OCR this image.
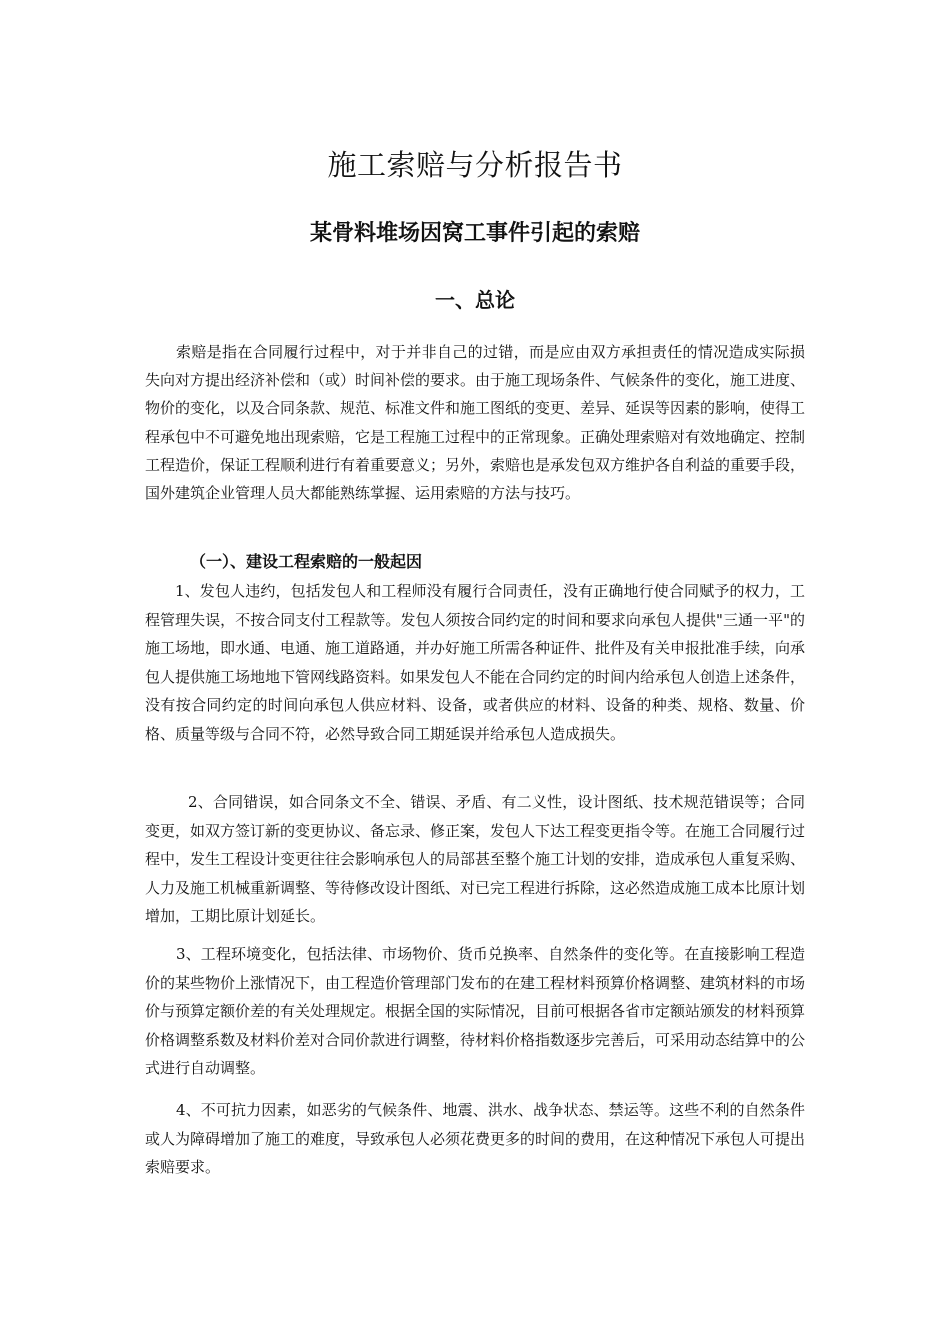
施工索赔与分析报告书
某骨料堆场因窝工事件引起的索赔
一、总论

索赔是指在合同履行过程中，对于并非自己的过错，而是应由双方承担责任的情况造成实际损失向对方提出经济补偿和（或）时间补偿的要求。由于施工现场条件、气候条件的变化，施工进度、物价的变化，以及合同条款、规范、标准文件和施工图纸的变更、差异、延误等因素的影响，使得工程承包中不可避免地出现索赔，它是工程施工过程中的正常现象。正确处理索赔对有效地确定、控制工程造价，保证工程顺利进行有着重要意义；另外，索赔也是承发包双方维护各自利益的重要手段，国外建筑企业管理人员大都能熟练掌握、运用索赔的方法与技巧。

（一）、建设工程索赔的一般起因

1、发包人违约，包括发包人和工程师没有履行合同责任，没有正确地行使合同赋予的权力，工程管理失误，不按合同支付工程款等。发包人须按合同约定的时间和要求向承包人提供"三通一平"的施工场地，即水通、电通、施工道路通，并办好施工所需各种证件、批件及有关申报批准手续，向承包人提供施工场地地下管网线路资料。如果发包人不能在合同约定的时间内给承包人创造上述条件，没有按合同约定的时间向承包人供应材料、设备，或者供应的材料、设备的种类、规格、数量、价格、质量等级与合同不符，必然导致合同工期延误并给承包人造成损失。

2、合同错误，如合同条文不全、错误、矛盾、有二义性，设计图纸、技术规范错误等；合同变更，如双方签订新的变更协议、备忘录、修正案，发包人下达工程变更指令等。在施工合同履行过程中，发生工程设计变更往往会影响承包人的局部甚至整个施工计划的安排，造成承包人重复采购、人力及施工机械重新调整、等待修改设计图纸、对已完工程进行拆除，这必然造成施工成本比原计划增加，工期比原计划延长。

3、工程环境变化，包括法律、市场物价、货币兑换率、自然条件的变化等。在直接影响工程造价的某些物价上涨情况下，由工程造价管理部门发布的在建工程材料预算价格调整、建筑材料的市场价与预算定额价差的有关处理规定。根据全国的实际情况，目前可根据各省市定额站颁发的材料预算价格调整系数及材料价差对合同价款进行调整，待材料价格指数逐步完善后，可采用动态结算中的公式进行自动调整。

4、不可抗力因素，如恶劣的气候条件、地震、洪水、战争状态、禁运等。这些不利的自然条件或人为障碍增加了施工的难度，导致承包人必须花费更多的时间的费用，在这种情况下承包人可提出索赔要求。
